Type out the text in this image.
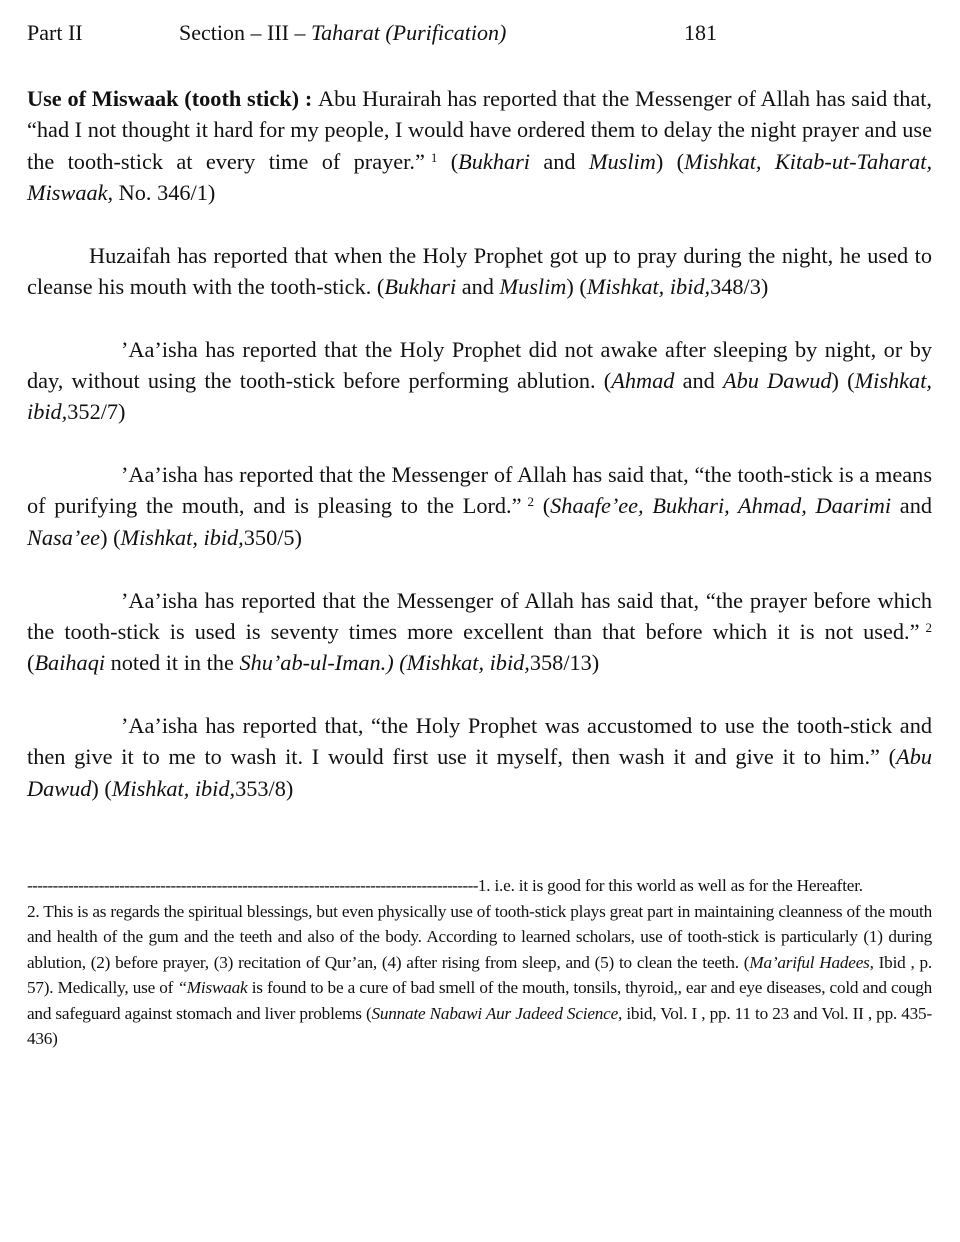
Part II	Section – III – Taharat (Purification)	181

Use of Miswaak (tooth stick) : Abu Hurairah has reported that the Messenger of Allah has said that, “had I not thought it hard for my people, I would have ordered them to delay the night prayer and use the tooth-stick at every time of prayer.” $^1$ (Bukhari and Muslim) (Mishkat, Kitab-ut-Taharat, Miswaak, No. 346/1)

Huzaifah has reported that when the Holy Prophet got up to pray during the night, he used to cleanse his mouth with the tooth-stick. (Bukhari and Muslim) (Mishkat, ibid,348/3)

’Aa’isha has reported that the Holy Prophet did not awake after sleeping by night, or by day, without using the tooth-stick before performing ablution. (Ahmad and Abu Dawud) (Mishkat, ibid,352/7)

’Aa’isha has reported that the Messenger of Allah has said that, “the tooth-stick is a means of purifying the mouth, and is pleasing to the Lord.” $^2$ (Shaafe’ee, Bukhari, Ahmad, Daarimi and Nasa’ee) (Mishkat, ibid,350/5)

’Aa’isha has reported that the Messenger of Allah has said that, “the prayer before which the tooth-stick is used is seventy times more excellent than that before which it is not used.” $^2$ (Baihaqi noted it in the Shu’ab-ul-Iman.) (Mishkat, ibid,358/13)

’Aa’isha has reported that, “the Holy Prophet was accustomed to use the tooth-stick and then give it to me to wash it. I would first use it myself, then wash it and give it to him.” (Abu Dawud) (Mishkat, ibid,353/8)

----------------------------------------------------------------------------------------1. i.e. it is good for this world as well as for the Hereafter.

2. This is as regards the spiritual blessings, but even physically use of tooth-stick plays great part in maintaining cleanness of the mouth and health of the gum and the teeth and also of the body. According to learned scholars, use of tooth-stick is particularly (1) during ablution, (2) before prayer, (3) recitation of Qur’an, (4) after rising from sleep, and (5) to clean the teeth. (Ma’ariful Hadees, Ibid , p. 57). Medically, use of “Miswaak is found to be a cure of bad smell of the mouth, tonsils, thyroid,, ear and eye diseases, cold and cough and safeguard against stomach and liver problems (Sunnate Nabawi Aur Jadeed Science, ibid, Vol. I , pp. 11 to 23 and Vol. II , pp. 435-436)
